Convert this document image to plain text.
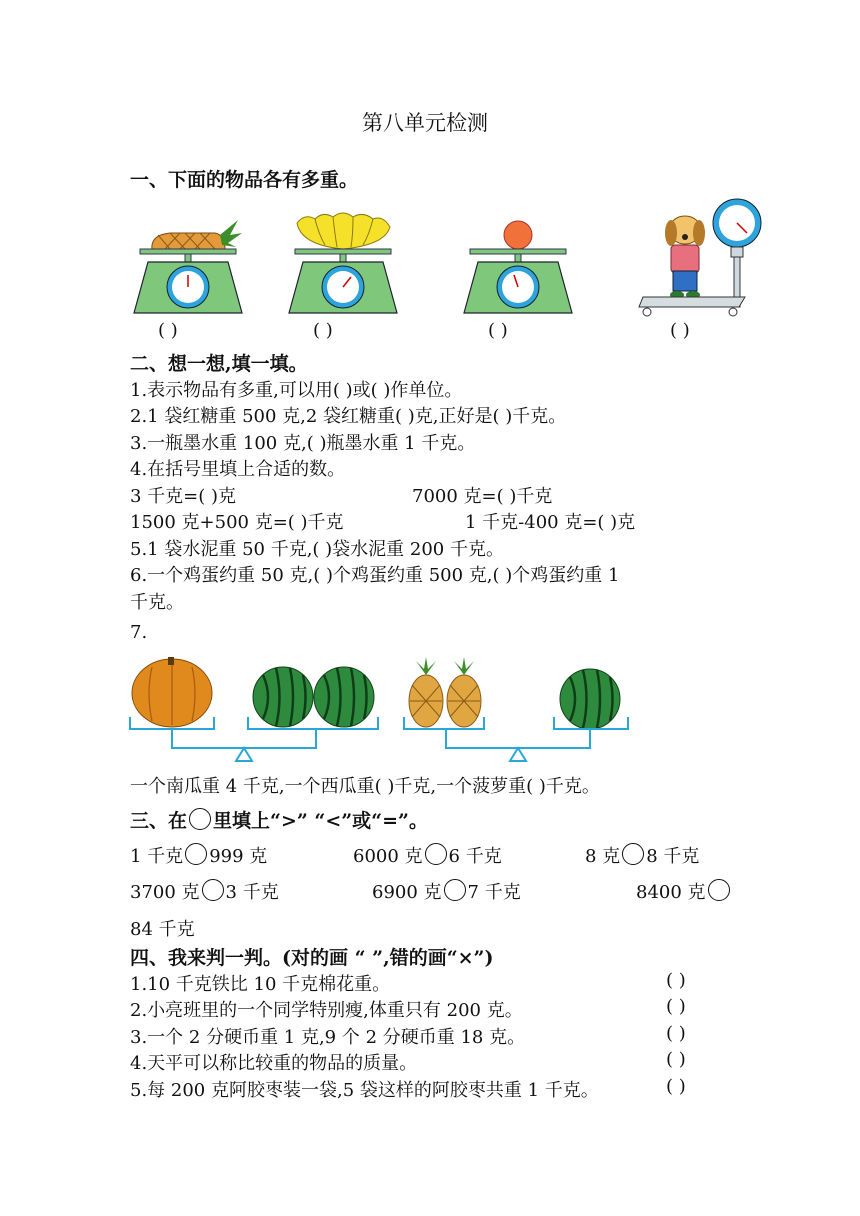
第八单元检测
一、下面的物品各有多重。
( )	( )	( )	( )
二、想一想,填一填。
1.表示物品有多重,可以用( )或( )作单位。
2.1 袋红糖重 500 克,2 袋红糖重( )克,正好是( )千克。
3.一瓶墨水重 100 克,( )瓶墨水重 1 千克。
4.在括号里填上合适的数。
3 千克=( )克	7000 克=( )千克
1500 克+500 克=( )千克	1 千克-400 克=( )克
5.1 袋水泥重 50 千克,( )袋水泥重 200 千克。
6.一个鸡蛋约重 50 克,( )个鸡蛋约重 500 克,( )个鸡蛋约重 1
千克。
7.
一个南瓜重 4 千克,一个西瓜重( )千克,一个菠萝重( )千克。
三、在 里填上“>” “<”或“=”。
1 千克 999 克	6000 克 6 千克	8 克 8 千克
3700 克 3 千克	6900 克 7 千克	8400 克
84 千克
四、我来判一判。(对的画 “ ”,错的画“×”)
1.10 千克铁比 10 千克棉花重。	( )
2.小亮班里的一个同学特别瘦,体重只有 200 克。	( )
3.一个 2 分硬币重 1 克,9 个 2 分硬币重 18 克。	( )
4.天平可以称比较重的物品的质量。	( )
5.每 200 克阿胶枣装一袋,5 袋这样的阿胶枣共重 1 千克。	( )
